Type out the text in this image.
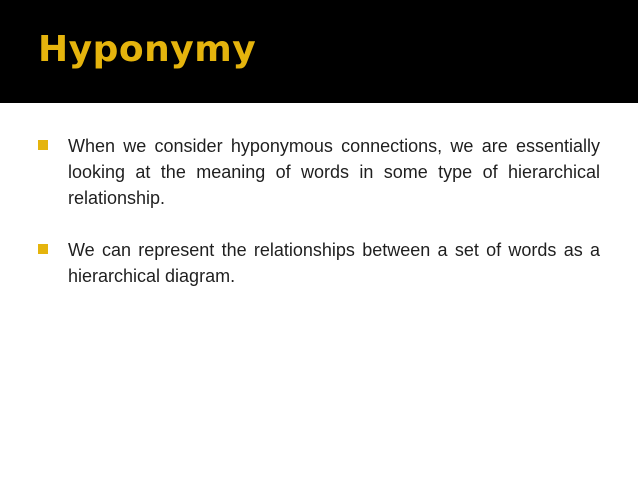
Hyponymy
When we consider hyponymous connections, we are essentially looking at the meaning of words in some type of hierarchical relationship.
We can represent the relationships between a set of words as a hierarchical diagram.
